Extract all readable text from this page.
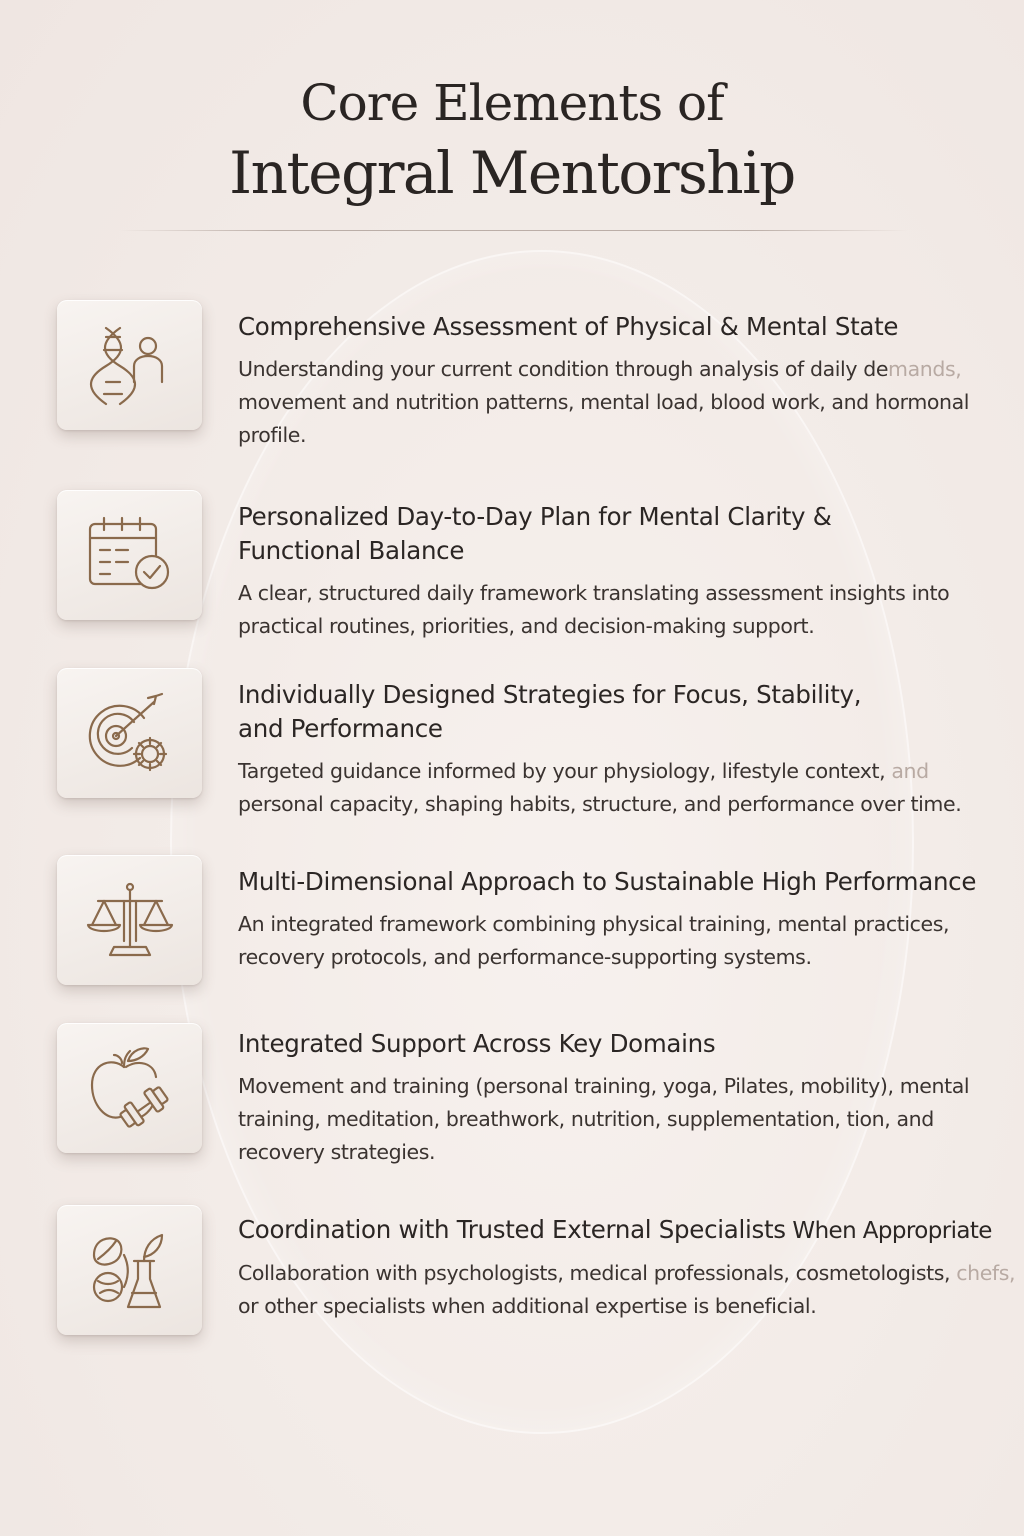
Core Elements of
Integral Mentorship
Comprehensive Assessment of Physical & Mental State
Understanding your current condition through analysis of daily demands, movement and nutrition patterns, mental load, blood work, and hormonal profile.
Personalized Day-to-Day Plan for Mental Clarity & Functional Balance
A clear, structured daily framework translating assessment insights into practical routines, priorities, and decision-making support.
Individually Designed Strategies for Focus, Stability, and Performance
Targeted guidance informed by your physiology, lifestyle context, and personal capacity, shaping habits, structure, and performance over time.
Multi-Dimensional Approach to Sustainable High Performance
An integrated framework combining physical training, mental practices, recovery protocols, and performance-supporting systems.
Integrated Support Across Key Domains
Movement and training (personal training, yoga, Pilates, mobility), mental training, meditation, breathwork, nutrition, supplementation, tion, and recovery strategies.
Coordination with Trusted External Specialists When Appropriate
Collaboration with psychologists, medical professionals, cosmetologists, chefs, or other specialists when additional expertise is beneficial.
